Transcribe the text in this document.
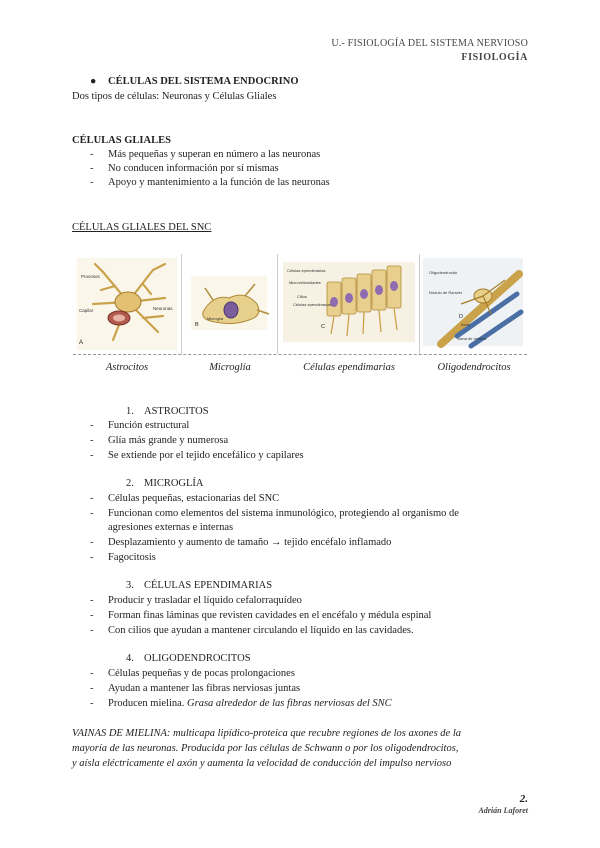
U.- FISIOLOGÍA DEL SISTEMA NERVIOSO
FISIOLOGÍA
● CÉLULAS DEL SISTEMA ENDOCRINO
Dos tipos de células: Neuronas y Células Gliales
CÉLULAS GLIALES
- Más pequeñas y superan en número a las neuronas
- No conducen información por sí mismas
- Apoyo y mantenimiento a la función de las neuronas
CÉLULAS GLIALES DEL SNC
Procesos
Capilar	Neuronas
A
Microglía
B
Células ependimarias
Microvellosidades
Cilios
Células ependimarias
C
Oligodendrocito
Nódulo de Ranvier
Axón
Vaina de mielina
D
Astrocitos	Microglía	Células ependimarias	Oligodendrocitos
1. ASTROCITOS
- Función estructural
- Glía más grande y numerosa
- Se extiende por el tejido encefálico y capilares
2. MICROGLÍA
- Células pequeñas, estacionarias del SNC
- Funcionan como elementos del sistema inmunológico, protegiendo al organismo de
agresiones externas e internas
- Desplazamiento y aumento de tamaño → tejido encéfalo inflamado
- Fagocitosis
3. CÉLULAS EPENDIMARIAS
- Producir y trasladar el líquido cefalorraquídeo
- Forman finas láminas que revisten cavidades en el encéfalo y médula espinal
- Con cilios que ayudan a mantener circulando el líquido en las cavidades.
4. OLIGODENDROCITOS
- Células pequeñas y de pocas prolongaciones
- Ayudan a mantener las fibras nerviosas juntas
- Producen mielina. Grasa alrededor de las fibras nerviosas del SNC
VAINAS DE MIELINA: multicapa lipídico-proteica que recubre regiones de los axones de la
mayoría de las neuronas. Producida por las células de Schwann o por los oligodendrocitos,
y aísla eléctricamente el axón y aumenta la velocidad de conducción del impulso nervioso
2.
Adrián Laforet
